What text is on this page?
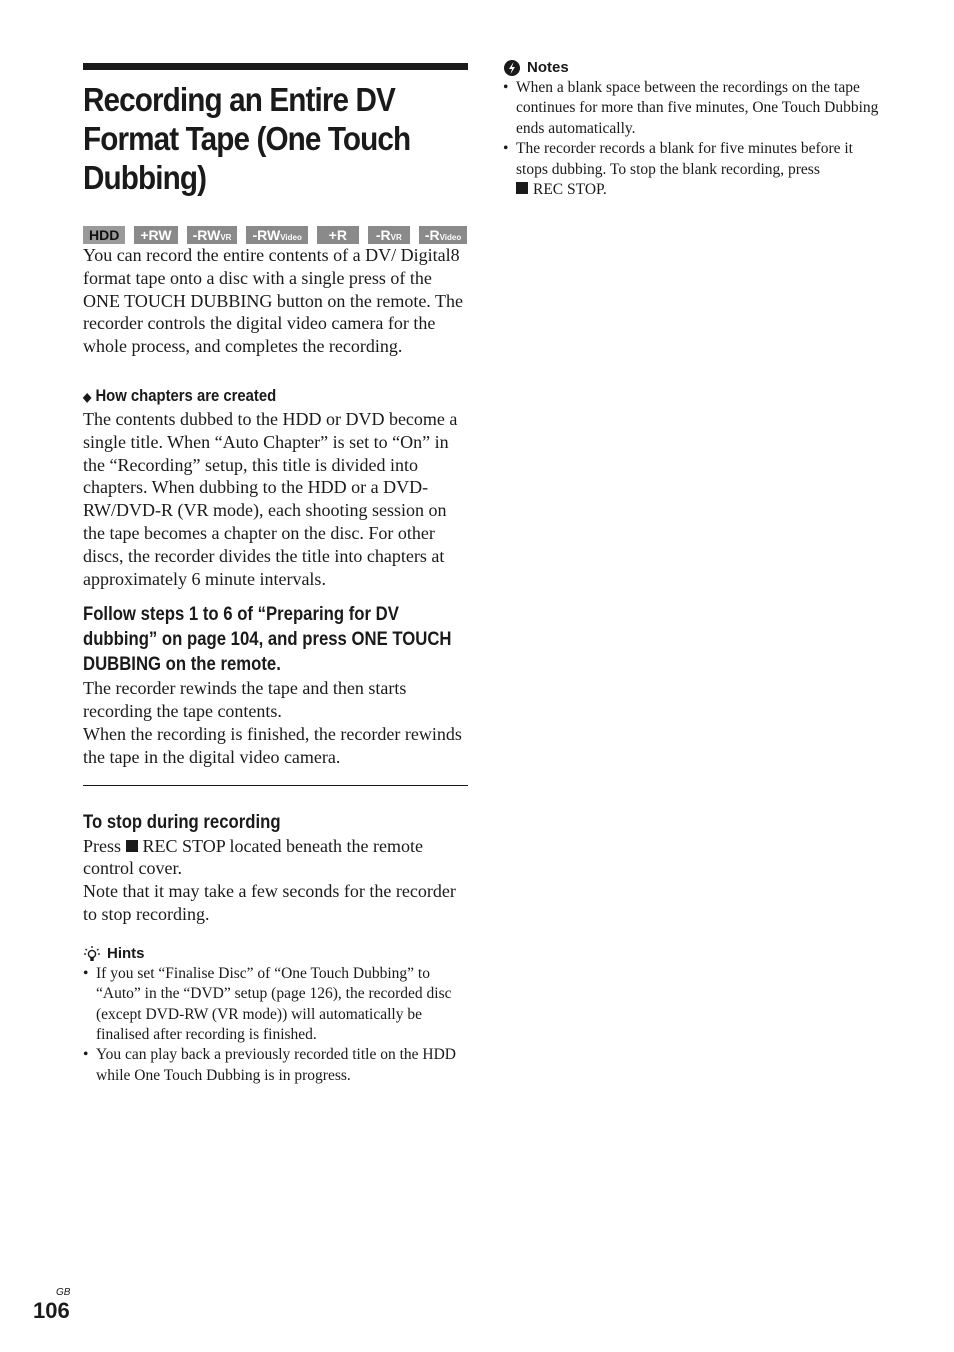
Recording an Entire DV Format Tape (One Touch Dubbing)
HDD	+RW	-RWVR	-RWVideo	+R	-RVR	-RVideo

You can record the entire contents of a DV/ Digital8 format tape onto a disc with a single press of the ONE TOUCH DUBBING button on the remote. The recorder controls the digital video camera for the whole process, and completes the recording.

◆ How chapters are created

The contents dubbed to the HDD or DVD become a single title. When “Auto Chapter” is set to “On” in the “Recording” setup, this title is divided into chapters. When dubbing to the HDD or a DVD-RW/DVD-R (VR mode), each shooting session on the tape becomes a chapter on the disc. For other discs, the recorder divides the title into chapters at approximately 6 minute intervals.

Follow steps 1 to 6 of “Preparing for DV dubbing” on page 104, and press ONE TOUCH DUBBING on the remote.

The recorder rewinds the tape and then starts recording the tape contents.

When the recording is finished, the recorder rewinds the tape in the digital video camera.

To stop during recording

Press REC STOP located beneath the remote control cover.

Note that it may take a few seconds for the recorder to stop recording.

Hints
• If you set “Finalise Disc” of “One Touch Dubbing” to “Auto” in the “DVD” setup (page 126), the recorded disc (except DVD-RW (VR mode)) will automatically be finalised after recording is finished.
• You can play back a previously recorded title on the HDD while One Touch Dubbing is in progress.
Notes
• When a blank space between the recordings on the tape continues for more than five minutes, One Touch Dubbing ends automatically.
• The recorder records a blank for five minutes before it stops dubbing. To stop the blank recording, press
REC STOP.
GB
106
